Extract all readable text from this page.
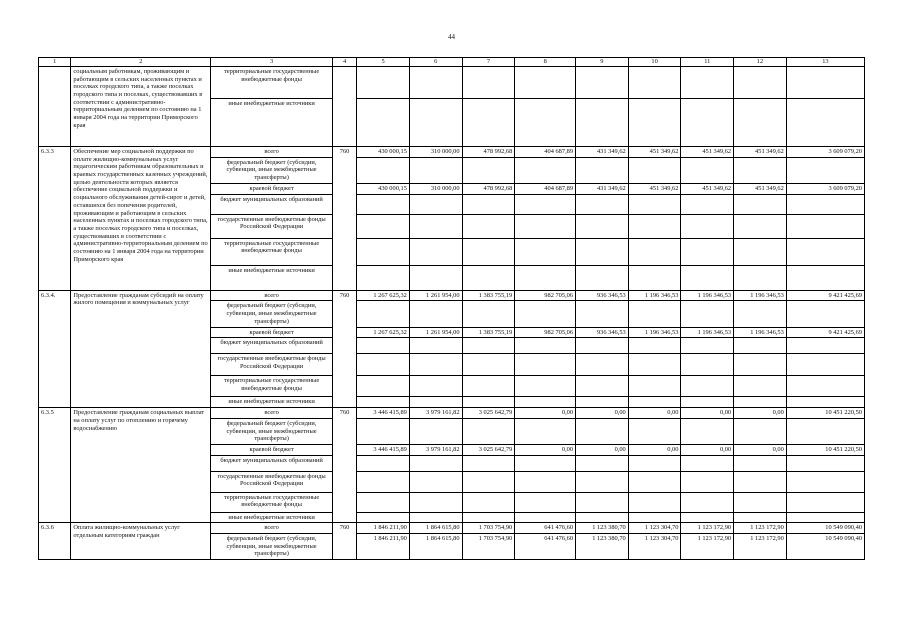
44
1	2	3	4	5	6	7	8	9	10	11	12	13
	социальным работникам, проживающим и работающим в сельских населенных пунктах и поселках городского типа, а также поселках городского типа и поселках, существовавших в соответствии с административно-территориальным делением по состоянию на 1 января 2004 года на территории Приморского края	территориальные государственные внебюджетные фонды										
		иные внебюджетные источники										
6.3.3	Обеспечение мер социальной поддержки по оплате жилищно-коммунальных услуг педагогическим работникам образовательных и краевых государственных казенных учреждений, целью деятельности которых является обеспечение социальной поддержки и социального обслуживания детей-сирот и детей, оставшихся без попечения родителей, проживающим и работающим в сельских населенных пунктах и поселках городского типа, а также поселках городского типа и поселках, существовавших в соответствии с административно-территориальным делением по состоянию на 1 января 2004 года на территории Приморского края	всего	760	430 000,15	310 000,00	478 992,68	404 687,89	431 349,62	451 349,62	451 349,62	451 349,62	3 609 079,20
		федеральный бюджет (субсидии, субвенции, иные межбюджетные трансферты)										
		краевой бюджет		430 000,15	310 000,00	478 992,68	404 687,89	431 349,62	451 349,62	451 349,62	451 349,62	3 609 079,20
		бюджет муниципальных образований										
		государственные внебюджетные фонды Российской Федерации										
		территориальные государственные внебюджетные фонды										
		иные внебюджетные источники										
6.3.4.	Предоставление гражданам субсидий на оплату жилого помещения и коммунальных услуг	всего	760	1 267 625,32	1 261 954,00	1 383 755,19	982 705,06	936 346,53	1 196 346,53	1 196 346,53	1 196 346,53	9 421 425,69
		федеральный бюджет (субсидии, субвенции, иные межбюджетные трансферты)										
		краевой бюджет		1 267 625,32	1 261 954,00	1 383 755,19	982 705,06	936 346,53	1 196 346,53	1 196 346,53	1 196 346,53	9 421 425,69
		бюджет муниципальных образований										
		государственные внебюджетные фонды Российской Федерации										
		территориальные государственные внебюджетные фонды										
		иные внебюджетные источники										
6.3.5	Предоставление гражданам социальных выплат на оплату услуг по отоплению и горячему водоснабжению	всего	760	3 446 415,89	3 979 161,82	3 025 642,79	0,00	0,00	0,00	0,00	0,00	10 451 220,50
		федеральный бюджет (субсидии, субвенции, иные межбюджетные трансферты)										
		краевой бюджет		3 446 415,89	3 979 161,82	3 025 642,79	0,00	0,00	0,00	0,00	0,00	10 451 220,50
		бюджет муниципальных образований										
		государственные внебюджетные фонды Российской Федерации										
		территориальные государственные внебюджетные фонды										
		иные внебюджетные источники										
6.3.6	Оплата жилищно-коммунальных услуг отдельным категориям граждан	всего	760	1 846 211,90	1 864 615,80	1 703 754,90	641 476,60	1 123 380,70	1 123 304,70	1 123 172,90	1 123 172,90	10 549 090,40
		федеральный бюджет (субсидии, субвенции, иные межбюджетные трансферты)		1 846 211,90	1 864 615,80	1 703 754,90	641 476,60	1 123 380,70	1 123 304,70	1 123 172,90	1 123 172,90	10 549 090,40
